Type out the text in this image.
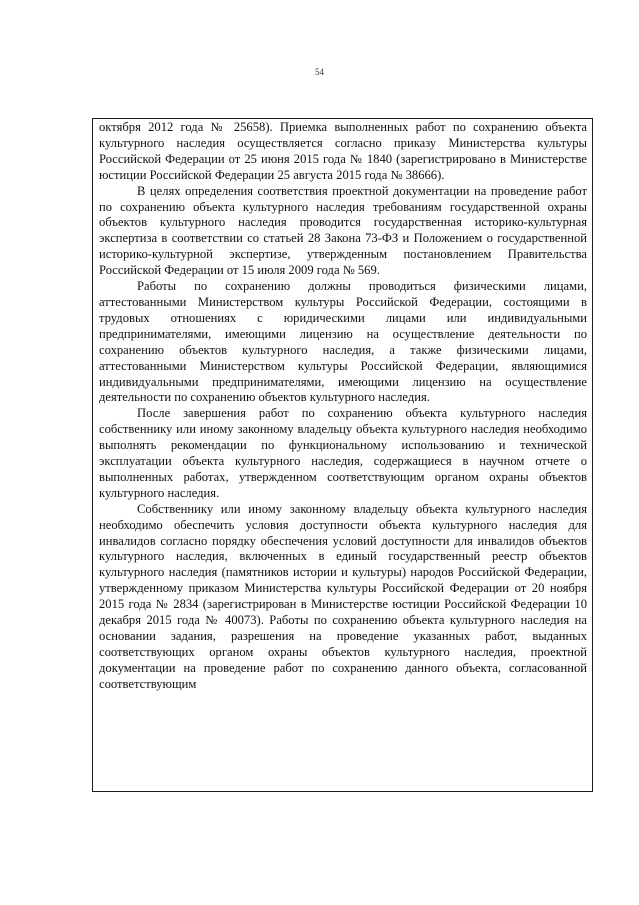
54

октября 2012 года № 25658). Приемка выполненных работ по сохранению объекта культурного наследия осуществляется согласно приказу Министерства культуры Российской Федерации от 25 июня 2015 года № 1840 (зарегистрировано в Министерстве юстиции Российской Федерации 25 августа 2015 года № 38666).

В целях определения соответствия проектной документации на проведение работ по сохранению объекта культурного наследия требованиям государственной охраны объектов культурного наследия проводится государственная историко-культурная экспертиза в соответствии со статьей 28 Закона 73-ФЗ и Положением о государственной историко-культурной экспертизе, утвержденным постановлением Правительства Российской Федерации от 15 июля 2009 года № 569.

Работы по сохранению должны проводиться физическими лицами, аттестованными Министерством культуры Российской Федерации, состоящими в трудовых отношениях с юридическими лицами или индивидуальными предпринимателями, имеющими лицензию на осуществление деятельности по сохранению объектов культурного наследия, а также физическими лицами, аттестованными Министерством культуры Российской Федерации, являющимися индивидуальными предпринимателями, имеющими лицензию на осуществление деятельности по сохранению объектов культурного наследия.

После завершения работ по сохранению объекта культурного наследия собственнику или иному законному владельцу объекта культурного наследия необходимо выполнять рекомендации по функциональному использованию и технической эксплуатации объекта культурного наследия, содержащиеся в научном отчете о выполненных работах, утвержденном соответствующим органом охраны объектов культурного наследия.

Собственнику или иному законному владельцу объекта культурного наследия необходимо обеспечить условия доступности объекта культурного наследия для инвалидов согласно порядку обеспечения условий доступности для инвалидов объектов культурного наследия, включенных в единый государственный реестр объектов культурного наследия (памятников истории и культуры) народов Российской Федерации, утвержденному приказом Министерства культуры Российской Федерации от 20 ноября 2015 года № 2834 (зарегистрирован в Министерстве юстиции Российской Федерации 10 декабря 2015 года № 40073). Работы по сохранению объекта культурного наследия на основании задания, разрешения на проведение указанных работ, выданных соответствующих органом охраны объектов культурного наследия, проектной документации на проведение работ по сохранению данного объекта, согласованной соответствующим
